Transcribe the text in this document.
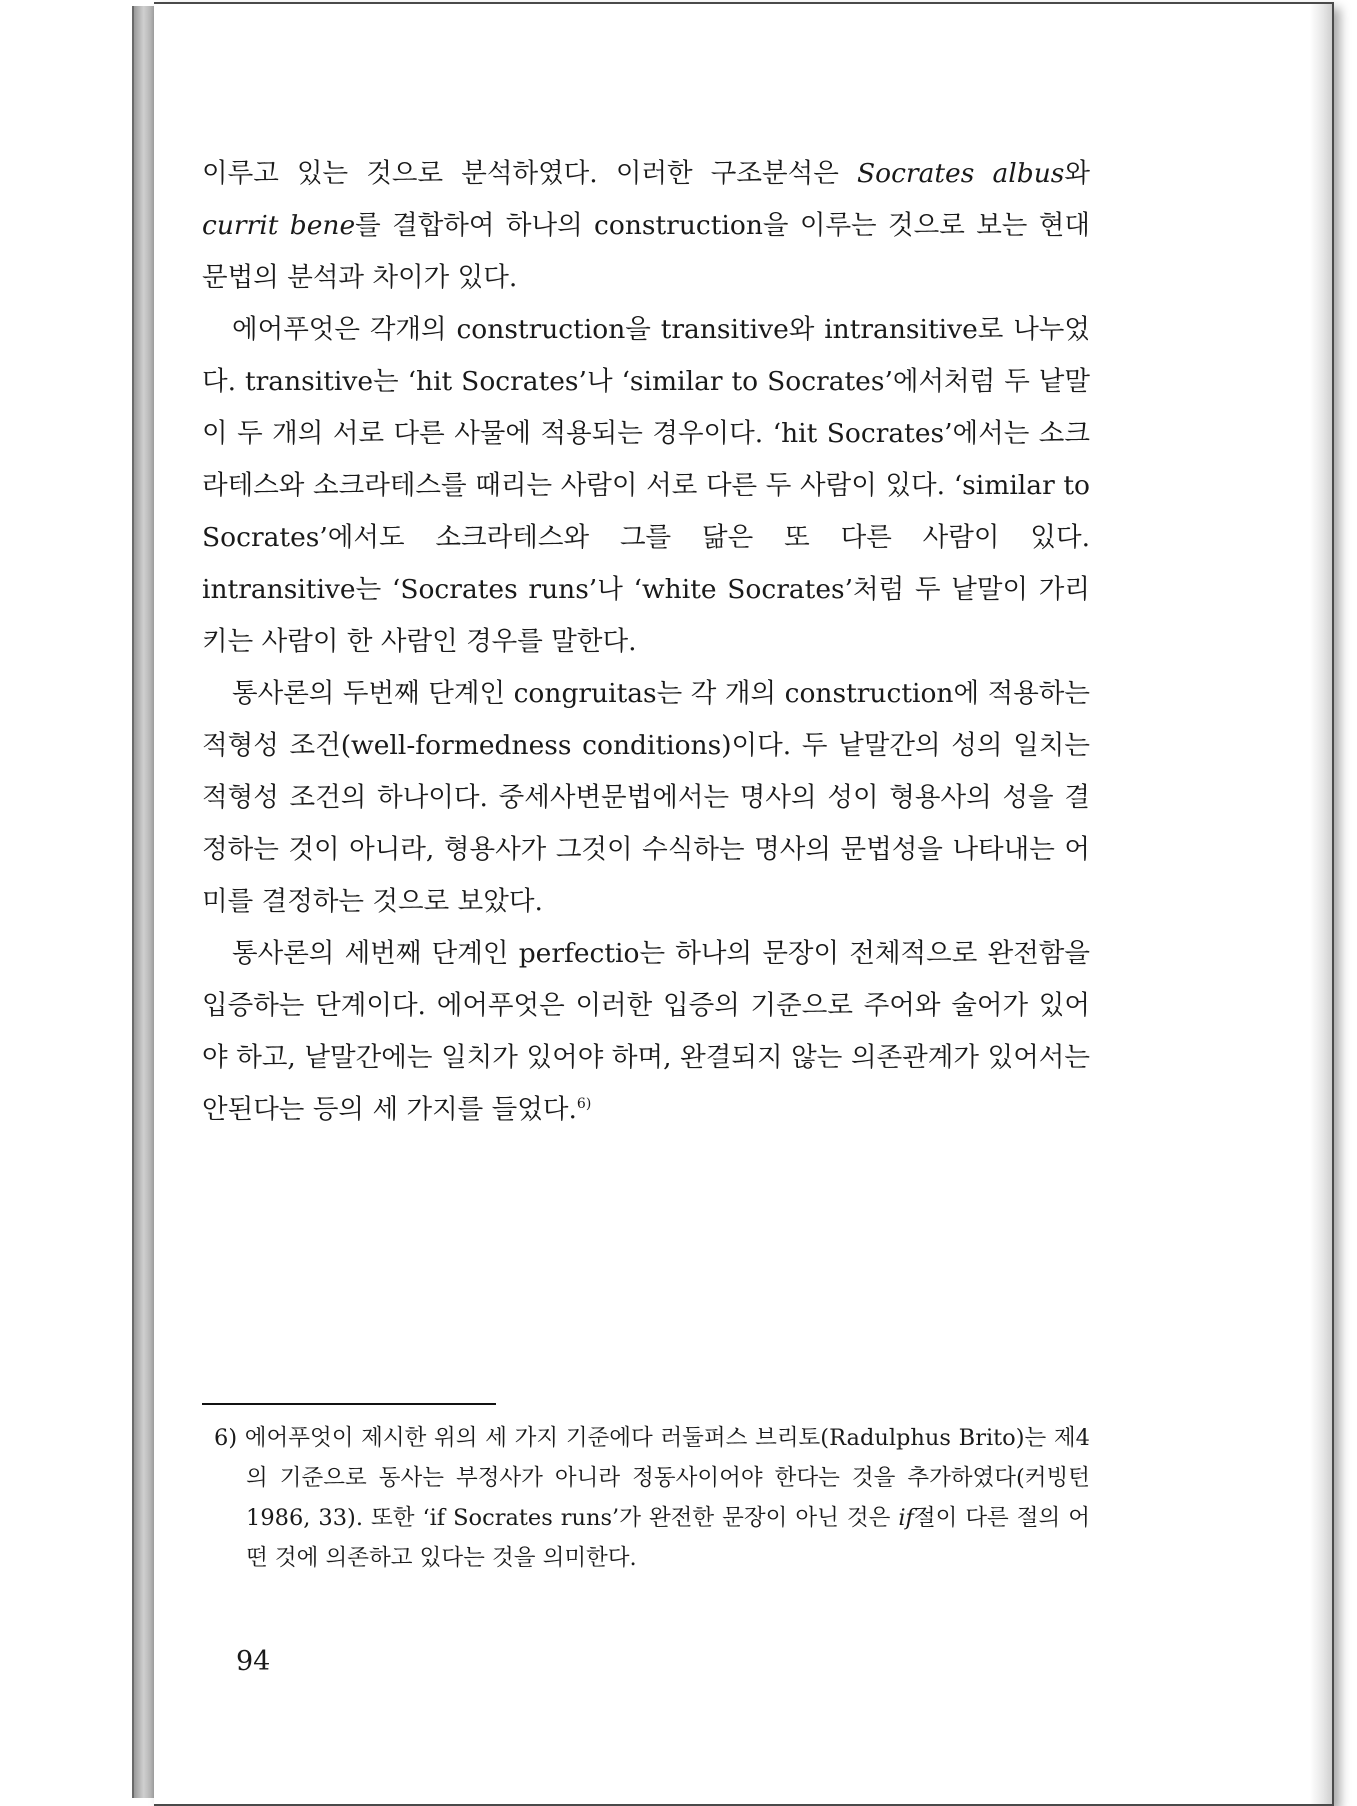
이루고 있는 것으로 분석하였다. 이러한 구조분석은 Socrates albus와 currit bene를 결합하여 하나의 construction을 이루는 것으로 보는 현대 문법의 분석과 차이가 있다.

에어푸엇은 각개의 construction을 transitive와 intransitive로 나누었다. transitive는 ‘hit Socrates’나 ‘similar to Socrates’에서처럼 두 낱말이 두 개의 서로 다른 사물에 적용되는 경우이다. ‘hit Socrates’에서는 소크라테스와 소크라테스를 때리는 사람이 서로 다른 두 사람이 있다. ‘similar to Socrates’에서도 소크라테스와 그를 닮은 또 다른 사람이 있다. intransitive는 ‘Socrates runs’나 ‘white Socrates’처럼 두 낱말이 가리키는 사람이 한 사람인 경우를 말한다.

통사론의 두번째 단계인 congruitas는 각 개의 construction에 적용하는 적형성 조건(well-formedness conditions)이다. 두 낱말간의 성의 일치는 적형성 조건의 하나이다. 중세사변문법에서는 명사의 성이 형용사의 성을 결정하는 것이 아니라, 형용사가 그것이 수식하는 명사의 문법성을 나타내는 어미를 결정하는 것으로 보았다.

통사론의 세번째 단계인 perfectio는 하나의 문장이 전체적으로 완전함을 입증하는 단계이다. 에어푸엇은 이러한 입증의 기준으로 주어와 술어가 있어야 하고, 낱말간에는 일치가 있어야 하며, 완결되지 않는 의존관계가 있어서는 안된다는 등의 세 가지를 들었다.$^{6)}$

6) 에어푸엇이 제시한 위의 세 가지 기준에다 러둘퍼스 브리토(Radulphus Brito)는 제4의 기준으로 동사는 부정사가 아니라 정동사이어야 한다는 것을 추가하였다(커빙턴 1986, 33). 또한 ‘if Socrates runs’가 완전한 문장이 아닌 것은 if절이 다른 절의 어떤 것에 의존하고 있다는 것을 의미한다.
94
